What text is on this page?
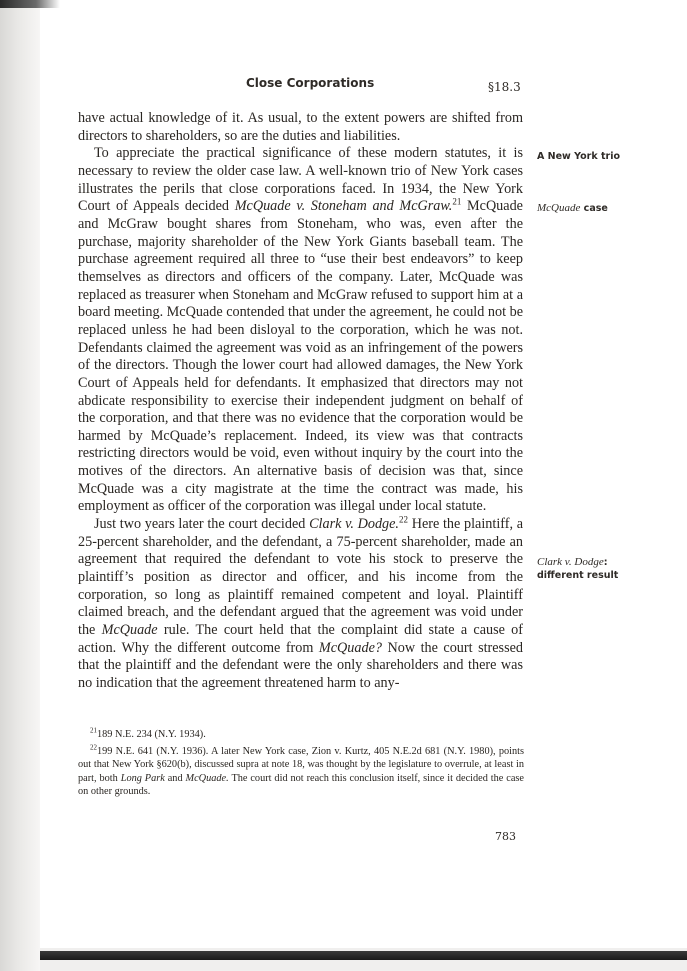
Close Corporations	§18.3

have actual knowledge of it. As usual, to the extent powers are shifted from directors to shareholders, so are the duties and liabilities.

To appreciate the practical significance of these modern statutes, it is necessary to review the older case law. A well-known trio of New York cases illustrates the perils that close corporations faced. In 1934, the New York Court of Appeals decided McQuade v. Stoneham and McGraw.$^{21}$ McQuade and McGraw bought shares from Stoneham, who was, even after the purchase, majority shareholder of the New York Giants baseball team. The purchase agreement required all three to “use their best endeavors” to keep themselves as directors and officers of the company. Later, McQuade was replaced as treasurer when Stoneham and McGraw refused to support him at a board meeting. McQuade contended that under the agreement, he could not be replaced unless he had been disloyal to the corporation, which he was not. Defendants claimed the agreement was void as an infringement of the powers of the directors. Though the lower court had allowed damages, the New York Court of Appeals held for defendants. It emphasized that directors may not abdicate responsibility to exercise their independent judgment on behalf of the corporation, and that there was no evidence that the corporation would be harmed by McQuade’s replacement. Indeed, its view was that contracts restricting directors would be void, even without inquiry by the court into the motives of the directors. An alternative basis of decision was that, since McQuade was a city magistrate at the time the contract was made, his employment as officer of the corporation was illegal under local statute.

Just two years later the court decided Clark v. Dodge.$^{22}$ Here the plaintiff, a 25-percent shareholder, and the defendant, a 75-percent shareholder, made an agreement that required the defendant to vote his stock to preserve the plaintiff’s position as director and officer, and his income from the corporation, so long as plaintiff remained competent and loyal. Plaintiff claimed breach, and the defendant argued that the agreement was void under the McQuade rule. The court held that the complaint did state a cause of action. Why the different outcome from McQuade? Now the court stressed that the plaintiff and the defendant were the only shareholders and there was no indication that the agreement threatened harm to any-

A New York trio
McQuade case
Clark v. Dodge:
different result

$^{21}$189 N.E. 234 (N.Y. 1934).

$^{22}$199 N.E. 641 (N.Y. 1936). A later New York case, Zion v. Kurtz, 405 N.E.2d 681 (N.Y. 1980), points out that New York §620(b), discussed supra at note 18, was thought by the legislature to overrule, at least in part, both Long Park and McQuade. The court did not reach this conclusion itself, since it decided the case on other grounds.

783
